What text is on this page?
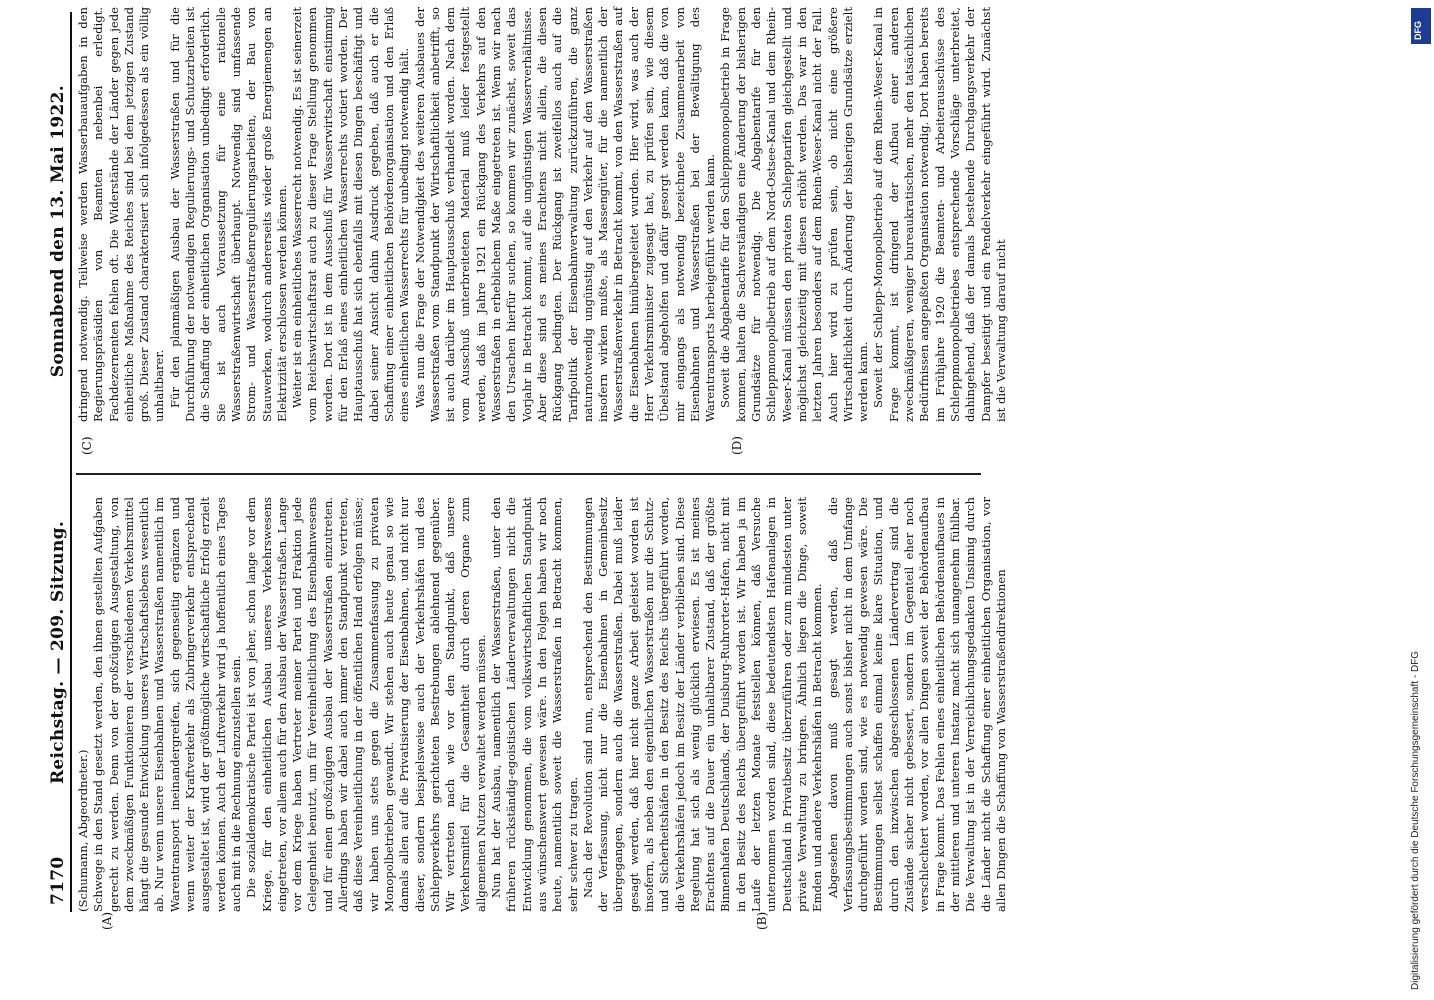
7170  Reichstag. — 209. Sitzung.
Sonnabend den 13. Mai 1922.
(A)	(B)
(C)	(D)
(Schumann, Abgeordneter.) Schwege in den Stand gesetzt werden, den ihnen gestellten Aufgaben gerecht zu werden. Denn von der großzügigen Ausgestaltung, von dem zweckmäßigen Funktionieren der verschiedenen Verkehrsmittel hängt die gesunde Entwicklung unseres Wirtschaftslebens wesentlich ab. Nur wenn unsere Eisenbahnen und Wasserstraßen namentlich im Warentransport ineinandergreifen, sich gegenseitig ergänzen und wenn weiter der Kraftverkehr als Zubringerverkehr entsprechend ausgestaltet ist, wird der größtmögliche wirtschaftliche Erfolg erzielt werden können. Auch der Luftverkehr wird ja hoffentlich eines Tages auch mit in die Rechnung einzustellen sein. Die sozialdemokratische Partei ist von jeher, schon lange vor dem Kriege, für den einheitlichen Ausbau unseres Verkehrswesens eingetreten, vor allem auch für den Ausbau der Wasserstraßen. Lange vor dem Kriege haben Vertreter meiner Partei und Fraktion jede Gelegenheit benutzt, um für Vereinheitlichung des Eisenbahnwesens und für einen großzügigen Ausbau der Wasserstraßen einzutreten. Allerdings haben wir dabei auch immer den Standpunkt vertreten, daß diese Vereinheitlichung in der öffentlichen Hand erfolgen müsse; wir haben uns stets gegen die Zusammenfassung zu privaten Monopolbetrieben gewandt. Wir stehen auch heute genau so wie damals allen auf die Privatisierung der Eisenbahnen, und nicht nur dieser, sondern beispielsweise auch der Verkehrshäfen und des Schleppverkehrs gerichteten Bestrebungen ablehnend gegenüber. Wir vertreten nach wie vor den Standpunkt, daß unsere Verkehrsmittel für die Gesamtheit durch deren Organe zum allgemeinen Nutzen verwaltet werden müssen. Nun hat der Ausbau, namentlich der Wasserstraßen, unter den früheren rückständig-egoistischen Länderverwaltungen nicht die Entwicklung genommen, die vom volkswirtschaftlichen Standpunkt aus wünschenswert gewesen wäre. In den Folgen haben wir noch heute, namentlich soweit die Wasserstraßen in Betracht kommen, sehr schwer zu tragen. Nach der Revolution sind nun, entsprechend den Bestimmungen der Verfassung, nicht nur die Eisenbahnen in Gemeinbesitz übergegangen, sondern auch die Wasserstraßen. Dabei muß leider gesagt werden, daß hier nicht ganze Arbeit geleistet worden ist insofern, als neben den eigentlichen Wasserstraßen nur die Schutz- und Sicherheitshäfen in den Besitz des Reichs übergeführt worden, die Verkehrshäfen jedoch im Besitz der Länder verblieben sind. Diese Regelung hat sich als wenig glücklich erwiesen. Es ist meines Erachtens auf die Dauer ein unhaltbarer Zustand, daß der größte Binnenhafen Deutschlands, der Duisburg-Ruhrorter-Hafen, nicht mit in den Besitz des Reichs übergeführt worden ist. Wir haben ja im Laufe der letzten Monate feststellen können, daß Versuche unternommen worden sind, diese bedeutendsten Hafenanlagen in Deutschland in Privatbesitz überzuführen oder zum mindesten unter private Verwaltung zu bringen. Ähnlich liegen die Dinge, soweit Emden und andere Verkehrshäfen in Betracht kommen. Abgesehen davon muß gesagt werden, daß die Verfassungsbestimmungen auch sonst bisher nicht in dem Umfange durchgeführt worden sind, wie es notwendig gewesen wäre. Die Bestimmungen selbst schaffen einmal keine klare Situation, und durch den inzwischen abgeschlossenen Ländervertrag sind die Zustände sicher nicht gebessert, sondern im Gegenteil eher noch verschlechtert worden, vor allen Dingen soweit der Behördenaufbau in Frage kommt. Das Fehlen eines einheitlichen Behördenaufbaues in der mittleren und unteren Instanz macht sich unangenehm fühlbar. Die Verwaltung ist in der Verreichlichungsgedanken Unsinnig durch die Länder nicht die Schaffung einer einheitlichen Organisation, vor allen Dingen die Schaffung von Wasserstraßendirektionen

dringend notwendig. Teilweise werden Wasserbauaufgaben in den Regierungspräsidien von Beamten nebenbei erledigt. Fachdezernenten fehlen oft. Die Widerstände der Länder gegen jede einheitliche Maßnahme des Reiches sind bei dem jetzigen Zustand groß. Dieser Zustand charakterisiert sich infolgedessen als ein völlig unhaltbarer. Für den planmäßigen Ausbau der Wasserstraßen und für die Durchführung der notwendigen Regulierungs- und Schutzarbeiten ist die Schaffung der einheitlichen Organisation unbedingt erforderlich. Sie ist auch Voraussetzung für eine rationelle Wasserstraßenwirtschaft überhaupt. Notwendig sind umfassende Strom- und Wasserstraßenregulierungsarbeiten, der Bau von Stauwerken, wodurch andererseits wieder große Energiemengen an Elektrizität erschlossen werden können. Weiter ist ein einheitliches Wasserrecht notwendig. Es ist seinerzeit vom Reichswirtschaftsrat auch zu dieser Frage Stellung genommen worden. Dort ist in dem Ausschuß für Wasserwirtschaft einstimmig für den Erlaß eines einheitlichen Wasserrechts votiert worden. Der Hauptausschuß hat sich ebenfalls mit diesen Dingen beschäftigt und dabei seiner Ansicht dahin Ausdruck gegeben, daß auch er die Schaffung einer einheitlichen Behördenorganisation und den Erlaß eines einheitlichen Wasserrechts für unbedingt notwendig hält. Was nun die Frage der Notwendigkeit des weiteren Ausbaues der Wasserstraßen vom Standpunkt der Wirtschaftlichkeit anbetrifft, so ist auch darüber im Hauptausschuß verhandelt worden. Nach dem vom Ausschuß unterbreiteten Material muß leider festgestellt werden, daß im Jahre 1921 ein Rückgang des Verkehrs auf den Wasserstraßen in erheblichem Maße eingetreten ist. Wenn wir nach den Ursachen hierfür suchen, so kommen wir zunächst, soweit das Vorjahr in Betracht kommt, auf die ungünstigen Wasserverhältnisse. Aber diese sind es meines Erachtens nicht allein, die diesen Rückgang bedingten. Der Rückgang ist zweifellos auch auf die Tarifpolitik der Eisenbahnverwaltung zurückzuführen, die ganz naturnotwendig ungünstig auf den Verkehr auf den Wasserstraßen insofern wirken mußte, als Massengüter, für die namentlich der Wasserstraßenverkehr in Betracht kommt, von den Wasserstraßen auf die Eisenbahnen hinübergeleitet wurden. Hier wird, was auch der Herr Verkehrsminister zugesagt hat, zu prüfen sein, wie diesem Übelstand abgeholfen und dafür gesorgt werden kann, daß die von mir eingangs als notwendig bezeichnete Zusammenarbeit von Eisenbahnen und Wasserstraßen bei der Bewältigung des Warentransports herbeigeführt werden kann. Soweit die Abgabentarife für den Schleppmonopolbetrieb in Frage kommen, halten die Sachverständigen eine Änderung der bisherigen Grundsätze für notwendig. Die Abgabentarife für den Schleppmonopolbetrieb auf dem Nord-Ostsee-Kanal und dem Rhein-Weser-Kanal müssen den privaten Schlepptarifen gleichgestellt und möglichst gleichzeitig mit diesen erhöht werden. Das war in den letzten Jahren besonders auf dem Rhein-Weser-Kanal nicht der Fall. Auch hier wird zu prüfen sein, ob nicht eine größere Wirtschaftlichkeit durch Änderung der bisherigen Grundsätze erzielt werden kann. Soweit der Schlepp-Monopolbetrieb auf dem Rhein-Weser-Kanal in Frage kommt, ist dringend der Aufbau einer anderen zweckmäßigeren, weniger bureaukratischen, mehr den tatsächlichen Bedürfnissen angepaßten Organisation notwendig. Dort haben bereits im Frühjahre 1920 die Beamten- und Arbeiterausschüsse des Schleppmonopolbetriebes entsprechende Vorschläge unterbreitet, dahingehend, daß der damals bestehende Durchgangsverkehr der Dampfer beseitigt und ein Pendelverkehr eingeführt wird. Zunächst ist die Verwaltung darauf nicht

DFG
Digitalisierung gefördert durch die Deutsche Forschungsgemeinschaft - DFG
